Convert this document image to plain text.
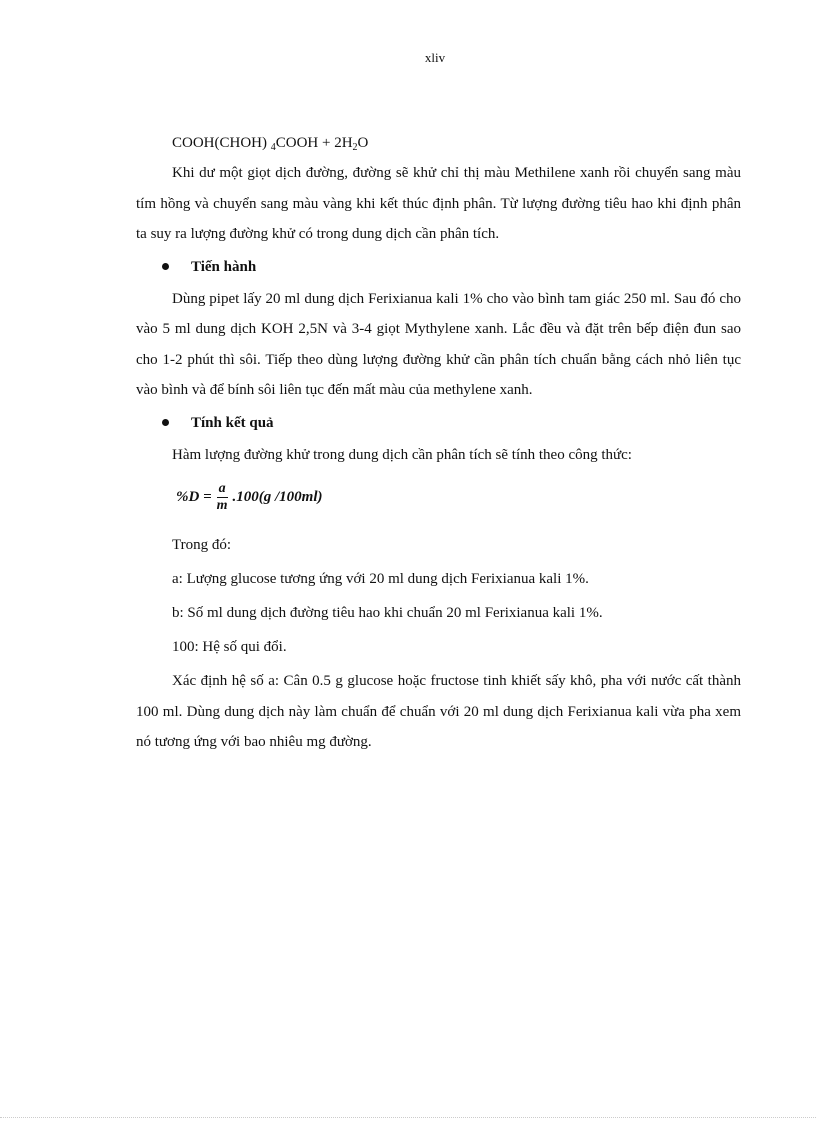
xliv
COOH(CHOH) $_4$COOH + $2H_2O$

Khi dư một giọt dịch đường, đường sẽ khử chỉ thị màu Methilene xanh rồi chuyển sang màu tím hồng và chuyển sang màu vàng khi kết thúc định phân. Từ lượng đường tiêu hao khi định phân ta suy ra lượng đường khử có trong dung dịch cần phân tích.

Tiến hành

Dùng pipet lấy 20 ml dung dịch Ferixianua kali 1% cho vào bình tam giác 250 ml. Sau đó cho vào 5 ml dung dịch KOH 2,5N và 3-4 giọt Mythylene xanh. Lắc đều và đặt trên bếp điện đun sao cho 1-2 phút thì sôi. Tiếp theo dùng lượng đường khử cần phân tích chuẩn bằng cách nhỏ liên tục vào bình và để bính sôi liên tục đến mất màu của methylene xanh.

Tính kết quả

Hàm lượng đường khử trong dung dịch cần phân tích sẽ tính theo công thức:

$\%D = \frac{a}{m} .100(g$ /100ml)

Trong đó:

a: Lượng glucose tương ứng với 20 ml dung dịch Ferixianua kali 1%.

b: Số ml dung dịch đường tiêu hao khi chuẩn 20 ml Ferixianua kali 1%.

100: Hệ số qui đổi.

Xác định hệ số a: Cân 0.5 g glucose hoặc fructose tinh khiết sấy khô, pha với nước cất thành 100 ml. Dùng dung dịch này làm chuẩn để chuẩn với 20 ml dung dịch Ferixianua kali vừa pha xem nó tương ứng với bao nhiêu mg đường.
